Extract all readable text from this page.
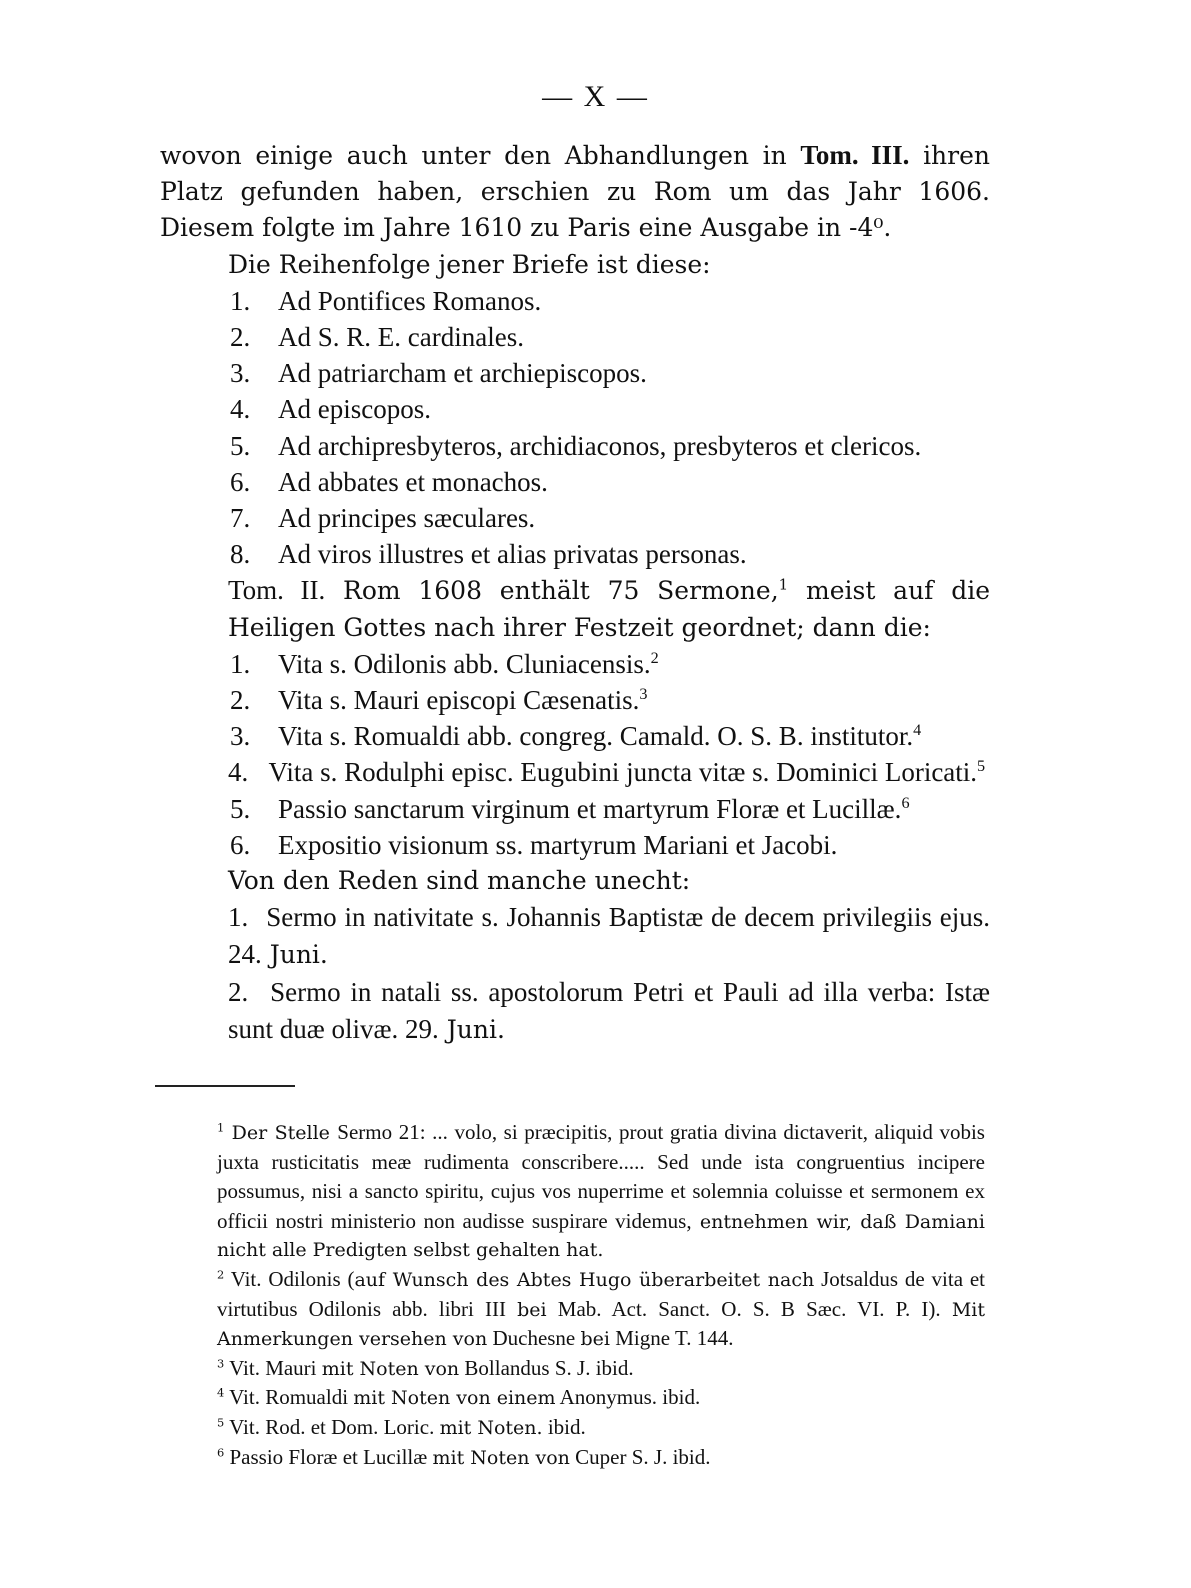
— X —

wovon einige auch unter den Abhandlungen in Tom. III. ihren Platz gefunden haben, erschien zu Rom um das Jahr 1606. Diesem folgte im Jahre 1610 zu Paris eine Ausgabe in -4⁰.

Die Reihenfolge jener Briefe ist diese:

1.	Ad Pontifices Romanos.
2.	Ad S. R. E. cardinales.
3.	Ad patriarcham et archiepiscopos.
4.	Ad episcopos.
5.	Ad archipresbyteros, archidiaconos, presbyteros et clericos.
6.	Ad abbates et monachos.
7.	Ad principes sæculares.
8.	Ad viros illustres et alias privatas personas.

Tom. II. Rom 1608 enthält 75 Sermone,$^1$ meist auf die Heiligen Gottes nach ihrer Festzeit geordnet; dann die:

1.	Vita s. Odilonis abb. Cluniacensis.$^2$
2.	Vita s. Mauri episcopi Cæsenatis.$^3$
3.	Vita s. Romualdi abb. congreg. Camald. O. S. B. institutor.$^4$

4. Vita s. Rodulphi episc. Eugubini juncta vitæ s. Dominici Loricati.$^5$

5.	Passio sanctarum virginum et martyrum Floræ et Lucillæ.$^6$
6.	Expositio visionum ss. martyrum Mariani et Jacobi.

Von den Reden sind manche unecht:

1. Sermo in nativitate s. Johannis Baptistæ de decem privilegiis ejus. 24. Juni.

2. Sermo in natali ss. apostolorum Petri et Pauli ad illa verba: Istæ sunt duæ olivæ. 29. Juni.

$^1$ Der Stelle Sermo 21: ... volo, si præcipitis, prout gratia divina dictaverit, aliquid vobis juxta rusticitatis meæ rudimenta conscribere..... Sed unde ista congruentius incipere possumus, nisi a sancto spiritu, cujus vos nuperrime et solemnia coluisse et sermonem ex officii nostri ministerio non audisse suspirare videmus, entnehmen wir, daß Damiani nicht alle Predigten selbst gehalten hat.

$^2$ Vit. Odilonis (auf Wunsch des Abtes Hugo überarbeitet nach Jotsaldus de vita et virtutibus Odilonis abb. libri III bei Mab. Act. Sanct. O. S. B Sæc. VI. P. I). Mit Anmerkungen versehen von Duchesne bei Migne T. 144.

$^3$ Vit. Mauri mit Noten von Bollandus S. J. ibid.

$^4$ Vit. Romualdi mit Noten von einem Anonymus. ibid.

$^5$ Vit. Rod. et Dom. Loric. mit Noten. ibid.

$^6$ Passio Floræ et Lucillæ mit Noten von Cuper S. J. ibid.
